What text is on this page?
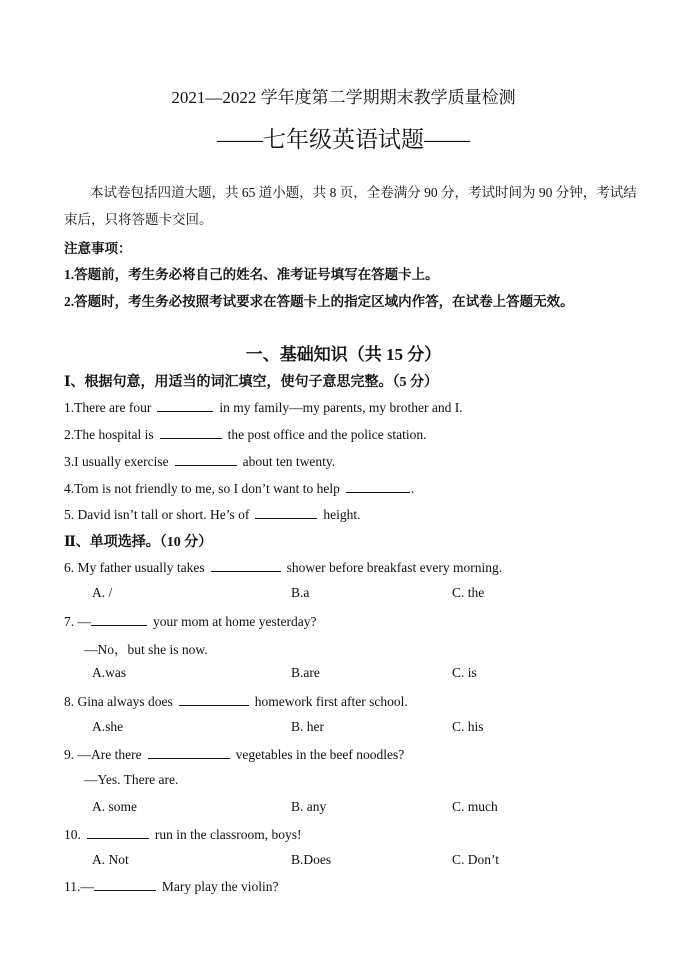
2021—2022 学年度第二学期期末教学质量检测
——七年级英语试题——
本试卷包括四道大题，共 65 道小题，共 8 页，全卷满分 90 分，考试时间为 90 分钟，考试结束后，只将答题卡交回。
注意事项：
1.答题前，考生务必将自己的姓名、准考证号填写在答题卡上。
2.答题时，考生务必按照考试要求在答题卡上的指定区域内作答，在试卷上答题无效。
一、基础知识（共 15 分）
Ⅰ、根据句意，用适当的词汇填空，使句子意思完整。（5 分）
1.There are four	in my family—my parents, my brother and I.
2.The hospital is	the post office and the police station.
3.I usually exercise	about ten twenty.
4.Tom is not friendly to me, so I don’t want to help	.
5. David isn’t tall or short. He’s of	height.
Ⅱ、单项选择。（10 分）
6. My father usually takes	shower before breakfast every morning.
A. /	B.a	C. the
7. —	your mom at home yesterday?
—No，but she is now.
A.was	B.are	C. is
8. Gina always does	homework first after school.
A.she	B. her	C. his
9. —Are there	vegetables in the beef noodles?
—Yes. There are.
A. some	B. any	C. much
10.	run in the classroom, boys!
A. Not	B.Does	C. Don’t
11.—	Mary play the violin?
